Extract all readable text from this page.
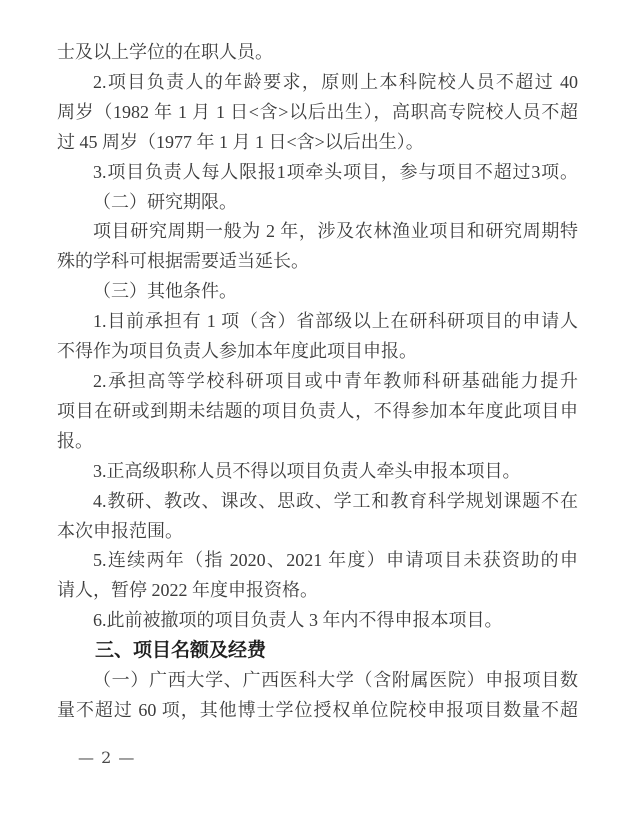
士及以上学位的在职人员。

2.项目负责人的年龄要求，原则上本科院校人员不超过 40

周岁（1982 年 1 月 1 日<含>以后出生），高职高专院校人员不超

过 45 周岁（1977 年 1 月 1 日<含>以后出生）。

3.项目负责人每人限报1项牵头项目，参与项目不超过3项。

（二）研究期限。

项目研究周期一般为 2 年，涉及农林渔业项目和研究周期特

殊的学科可根据需要适当延长。

（三）其他条件。

1.目前承担有 1 项（含）省部级以上在研科研项目的申请人

不得作为项目负责人参加本年度此项目申报。

2.承担高等学校科研项目或中青年教师科研基础能力提升

项目在研或到期未结题的项目负责人，不得参加本年度此项目申

报。

3.正高级职称人员不得以项目负责人牵头申报本项目。

4.教研、教改、课改、思政、学工和教育科学规划课题不在

本次申报范围。

5.连续两年（指 2020、2021 年度）申请项目未获资助的申

请人，暂停 2022 年度申报资格。

6.此前被撤项的项目负责人 3 年内不得申报本项目。

三、项目名额及经费

（一）广西大学、广西医科大学（含附属医院）申报项目数

量不超过 60 项，其他博士学位授权单位院校申报项目数量不超

— 2 —
